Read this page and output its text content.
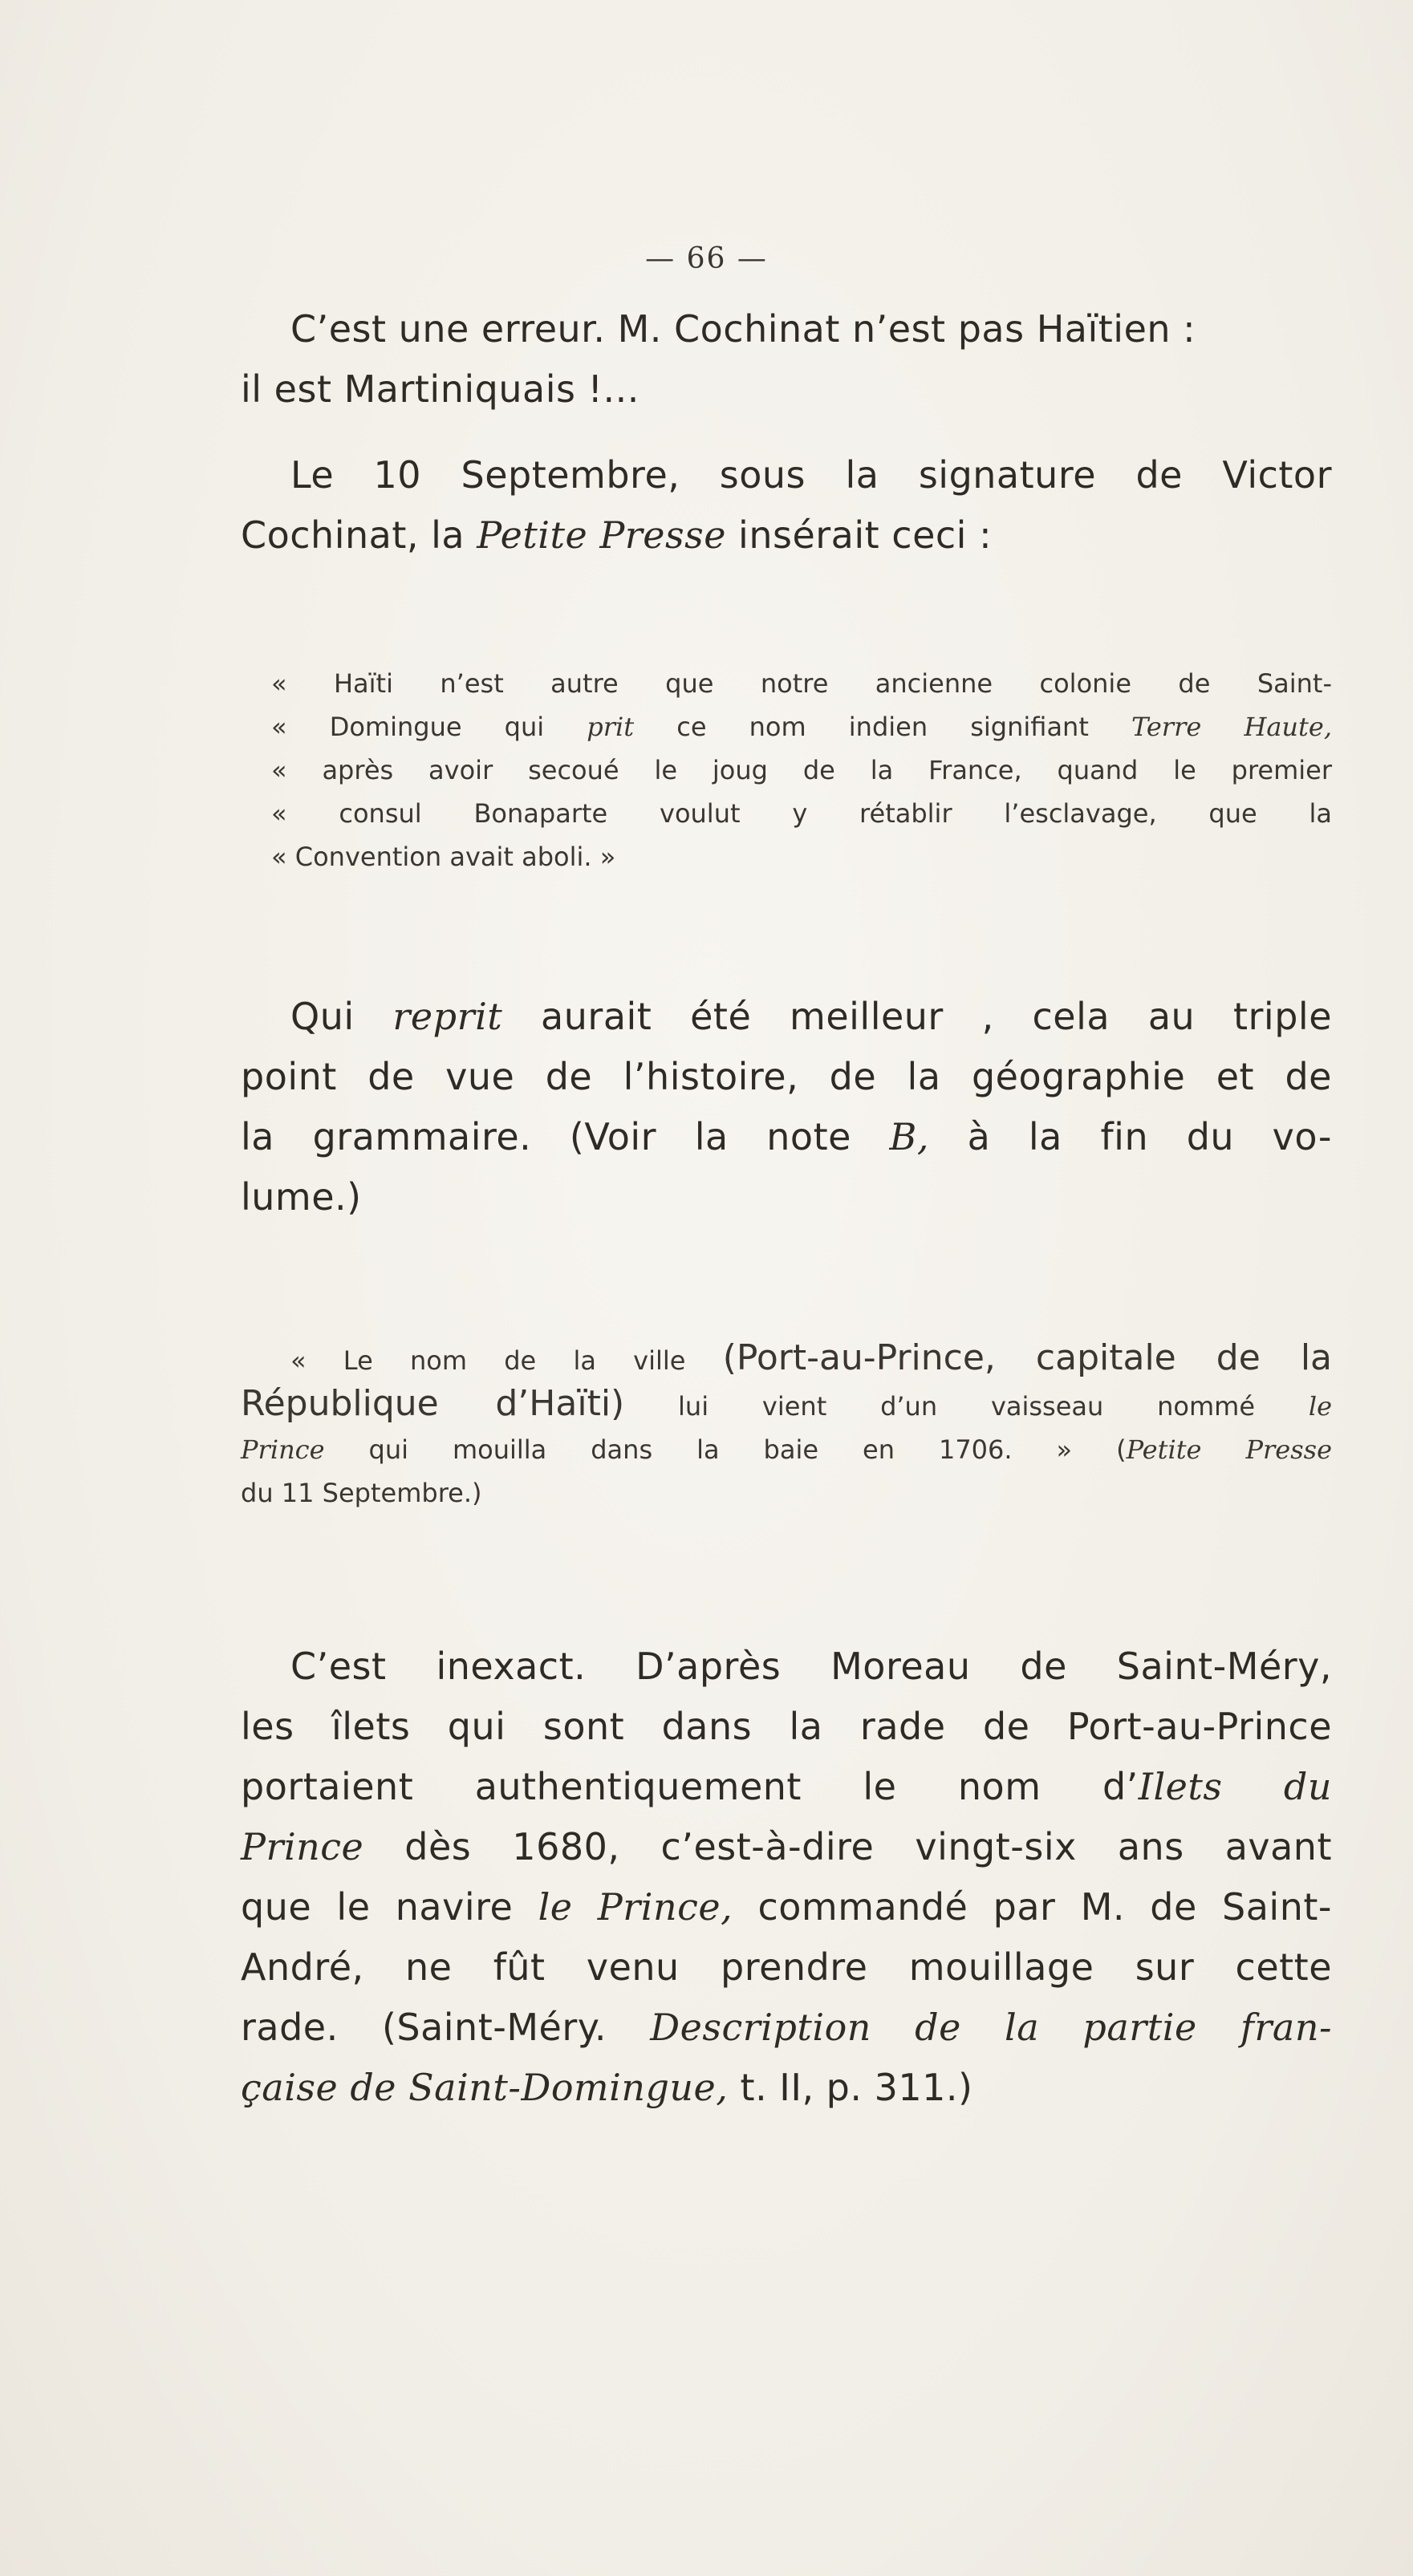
— 66 —
C’est une erreur. M. Cochinat n’est pas Haïtien :
il est Martiniquais !...
Le 10 Septembre, sous la signature de Victor
Cochinat, la Petite Presse insérait ceci :
« Haïti n’est autre que notre ancienne colonie de Saint-
« Domingue qui prit ce nom indien signifiant Terre Haute,
« après avoir secoué le joug de la France, quand le premier
« consul Bonaparte voulut y rétablir l’esclavage, que la
« Convention avait aboli. »
Qui reprit aurait été meilleur , cela au triple
point de vue de l’histoire, de la géographie et de
la grammaire. (Voir la note B, à la fin du vo-
lume.)
« Le nom de la ville (Port-au-Prince, capitale de la
République d’Haïti) lui vient d’un vaisseau nommé le
Prince qui mouilla dans la baie en 1706. » (Petite Presse
du 11 Septembre.)
C’est inexact. D’après Moreau de Saint-Méry,
les îlets qui sont dans la rade de Port-au-Prince
portaient authentiquement le nom d’Ilets du
Prince dès 1680, c’est-à-dire vingt-six ans avant
que le navire le Prince, commandé par M. de Saint-
André, ne fût venu prendre mouillage sur cette
rade. (Saint-Méry. Description de la partie fran-
çaise de Saint-Domingue, t. II, p. 311.)
